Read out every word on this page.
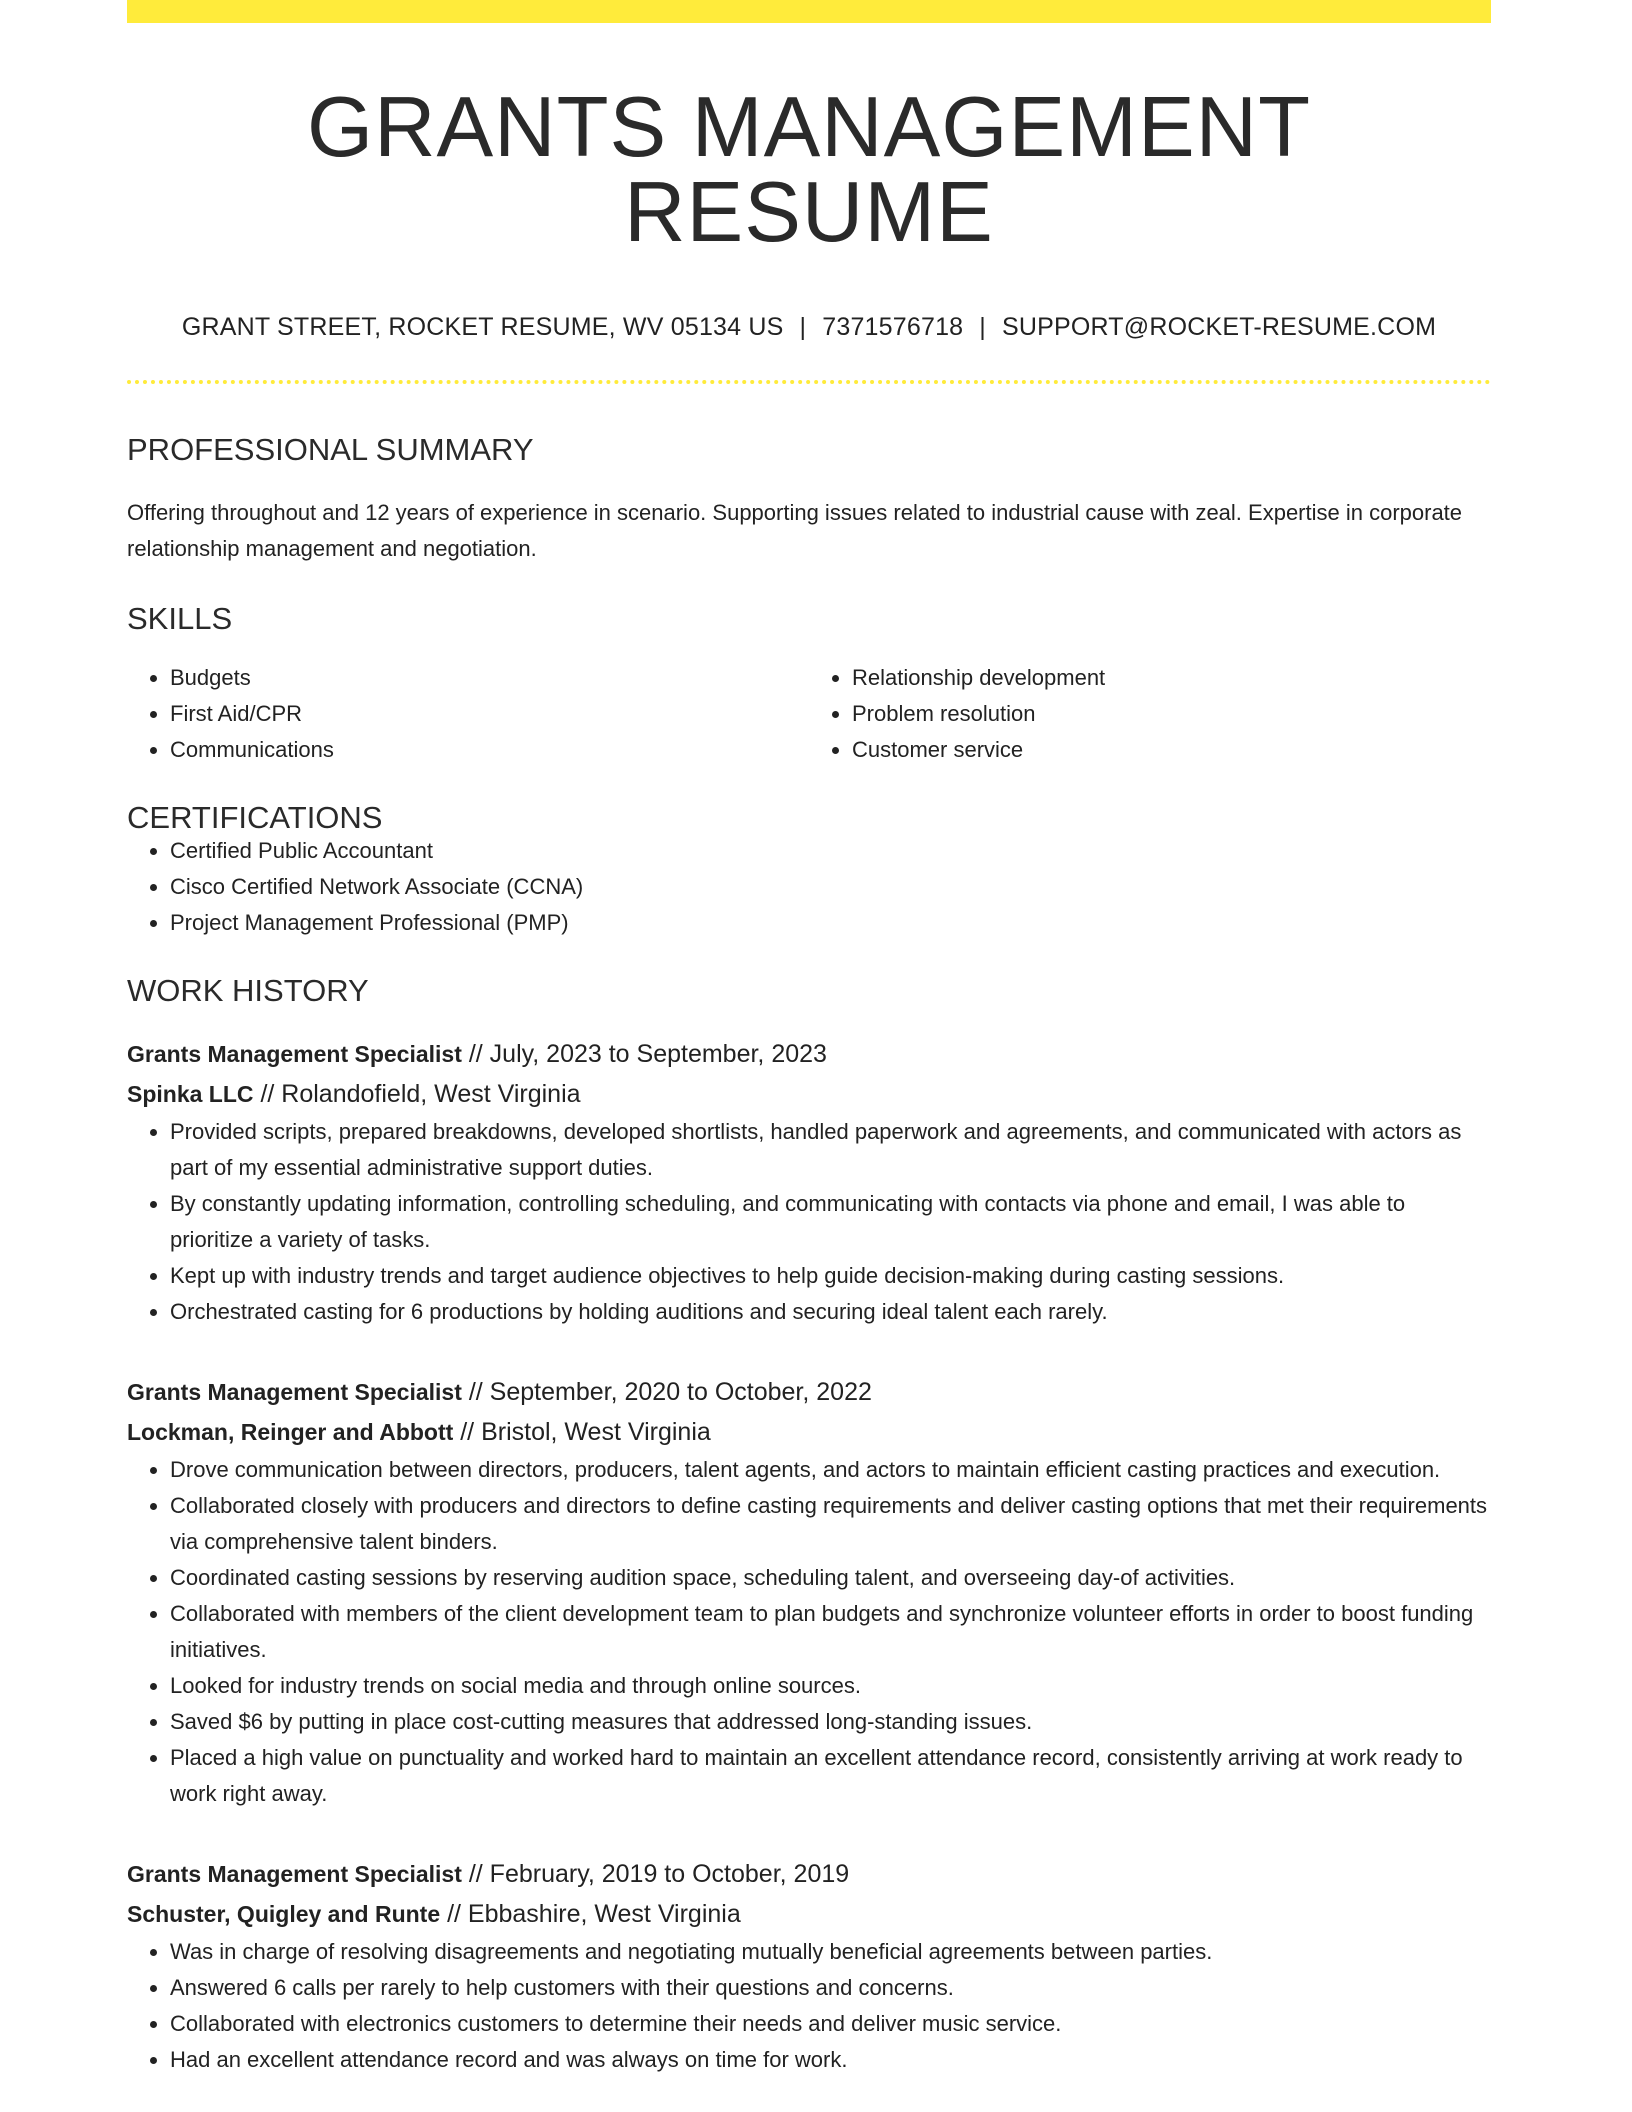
GRANTS MANAGEMENT RESUME
GRANT STREET, ROCKET RESUME, WV 05134 US | 7371576718 | SUPPORT@ROCKET-RESUME.COM
PROFESSIONAL SUMMARY

Offering throughout and 12 years of experience in scenario. Supporting issues related to industrial cause with zeal. Expertise in corporate relationship management and negotiation.

SKILLS
• Budgets
• First Aid/CPR
• Communications
• Relationship development
• Problem resolution
• Customer service
CERTIFICATIONS
• Certified Public Accountant
• Cisco Certified Network Associate (CCNA)
• Project Management Professional (PMP)
WORK HISTORY
Grants Management Specialist // July, 2023 to September, 2023
Spinka LLC // Rolandofield, West Virginia
• Provided scripts, prepared breakdowns, developed shortlists, handled paperwork and agreements, and communicated with actors as part of my essential administrative support duties.
• By constantly updating information, controlling scheduling, and communicating with contacts via phone and email, I was able to prioritize a variety of tasks.
• Kept up with industry trends and target audience objectives to help guide decision-making during casting sessions.
• Orchestrated casting for 6 productions by holding auditions and securing ideal talent each rarely.
Grants Management Specialist // September, 2020 to October, 2022
Lockman, Reinger and Abbott // Bristol, West Virginia
• Drove communication between directors, producers, talent agents, and actors to maintain efficient casting practices and execution.
• Collaborated closely with producers and directors to define casting requirements and deliver casting options that met their requirements via comprehensive talent binders.
• Coordinated casting sessions by reserving audition space, scheduling talent, and overseeing day-of activities.
• Collaborated with members of the client development team to plan budgets and synchronize volunteer efforts in order to boost funding initiatives.
• Looked for industry trends on social media and through online sources.
• Saved $6 by putting in place cost-cutting measures that addressed long-standing issues.
• Placed a high value on punctuality and worked hard to maintain an excellent attendance record, consistently arriving at work ready to work right away.
Grants Management Specialist // February, 2019 to October, 2019
Schuster, Quigley and Runte // Ebbashire, West Virginia
• Was in charge of resolving disagreements and negotiating mutually beneficial agreements between parties.
• Answered 6 calls per rarely to help customers with their questions and concerns.
• Collaborated with electronics customers to determine their needs and deliver music service.
• Had an excellent attendance record and was always on time for work.
